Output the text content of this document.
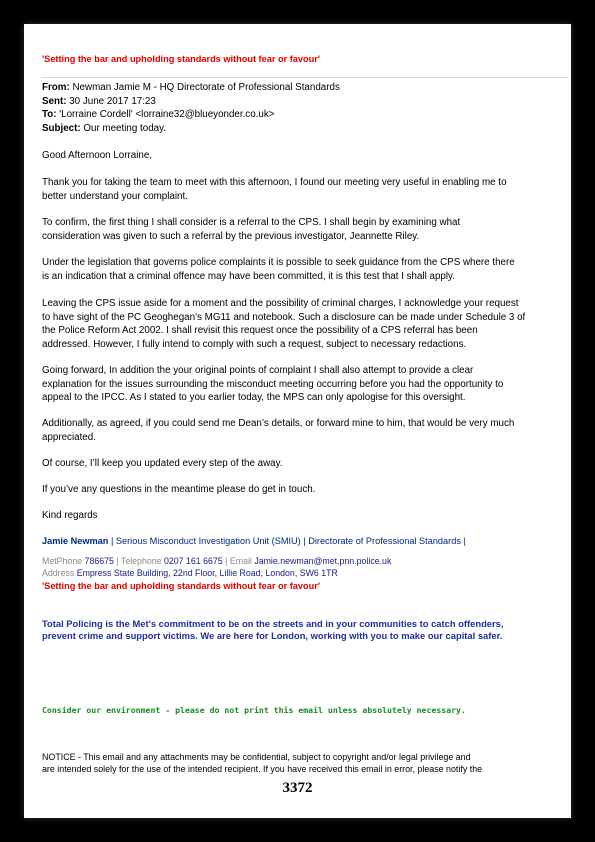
'Setting the bar and upholding standards without fear or favour'
From: Newman Jamie M - HQ Directorate of Professional Standards
Sent: 30 June 2017 17:23
To: 'Lorraine Cordell' <lorraine32@blueyonder.co.uk>
Subject: Our meeting today.

Good Afternoon Lorraine,

Thank you for taking the team to meet with this afternoon, I found our meeting very useful in enabling me to
better understand your complaint.

To confirm, the first thing I shall consider is a referral to the CPS. I shall begin by examining what
consideration was given to such a referral by the previous investigator, Jeannette Riley.

Under the legislation that governs police complaints it is possible to seek guidance from the CPS where there
is an indication that a criminal offence may have been committed, it is this test that I shall apply.

Leaving the CPS issue aside for a moment and the possibility of criminal charges, I acknowledge your request
to have sight of the PC Geoghegan’s MG11 and notebook. Such a disclosure can be made under Schedule 3 of
the Police Reform Act 2002. I shall revisit this request once the possibility of a CPS referral has been
addressed. However, I fully intend to comply with such a request, subject to necessary redactions.

Going forward, In addition the your original points of complaint I shall also attempt to provide a clear
explanation for the issues surrounding the misconduct meeting occurring before you had the opportunity to
appeal to the IPCC. As I stated to you earlier today, the MPS can only apologise for this oversight.

Additionally, as agreed, if you could send me Dean’s details, or forward mine to him, that would be very much
appreciated.

Of course, I’ll keep you updated every step of the away.

If you’ve any questions in the meantime please do get in touch.

Kind regards

Jamie Newman | Serious Misconduct Investigation Unit (SMIU) | Directorate of Professional Standards |
MetPhone 786675 | Telephone 0207 161 6675 | Email Jamie.newman@met.pnn.police.uk
Address Empress State Building, 22nd Floor, Lillie Road, London, SW6 1TR
'Setting the bar and upholding standards without fear or favour'
Total Policing is the Met's commitment to be on the streets and in your communities to catch offenders,
prevent crime and support victims. We are here for London, working with you to make our capital safer.
Consider our environment - please do not print this email unless absolutely necessary.
NOTICE - This email and any attachments may be confidential, subject to copyright and/or legal privilege and
are intended solely for the use of the intended recipient. If you have received this email in error, please notify the
3372
